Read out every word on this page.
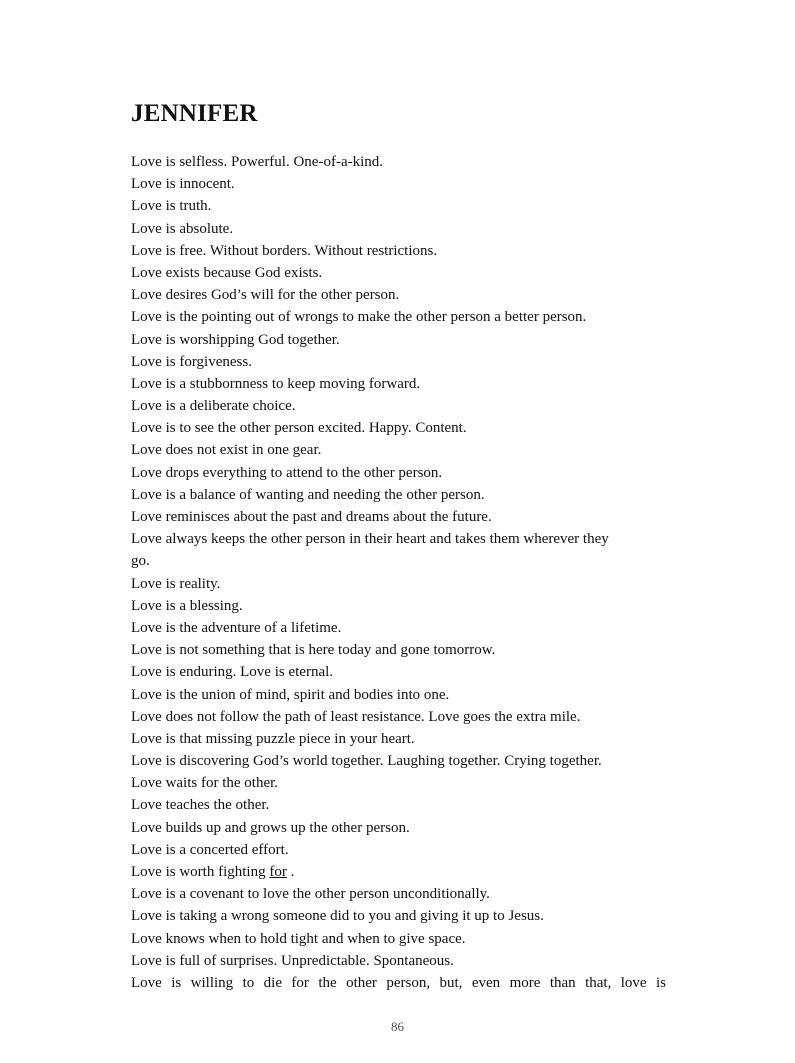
JENNIFER
Love is selfless. Powerful. One-of-a-kind.
Love is innocent.
Love is truth.
Love is absolute.
Love is free. Without borders. Without restrictions.
Love exists because God exists.
Love desires God’s will for the other person.
Love is the pointing out of wrongs to make the other person a better person.
Love is worshipping God together.
Love is forgiveness.
Love is a stubbornness to keep moving forward.
Love is a deliberate choice.
Love is to see the other person excited. Happy. Content.
Love does not exist in one gear.
Love drops everything to attend to the other person.
Love is a balance of wanting and needing the other person.
Love reminisces about the past and dreams about the future.
Love always keeps the other person in their heart and takes them wherever they
go.
Love is reality.
Love is a blessing.
Love is the adventure of a lifetime.
Love is not something that is here today and gone tomorrow.
Love is enduring. Love is eternal.
Love is the union of mind, spirit and bodies into one.
Love does not follow the path of least resistance. Love goes the extra mile.
Love is that missing puzzle piece in your heart.
Love is discovering God’s world together. Laughing together. Crying together.
Love waits for the other.
Love teaches the other.
Love builds up and grows up the other person.
Love is a concerted effort.
Love is worth fighting for .
Love is a covenant to love the other person unconditionally.
Love is taking a wrong someone did to you and giving it up to Jesus.
Love knows when to hold tight and when to give space.
Love is full of surprises. Unpredictable. Spontaneous.
Love is willing to die for the other person, but, even more than that, love is
86
